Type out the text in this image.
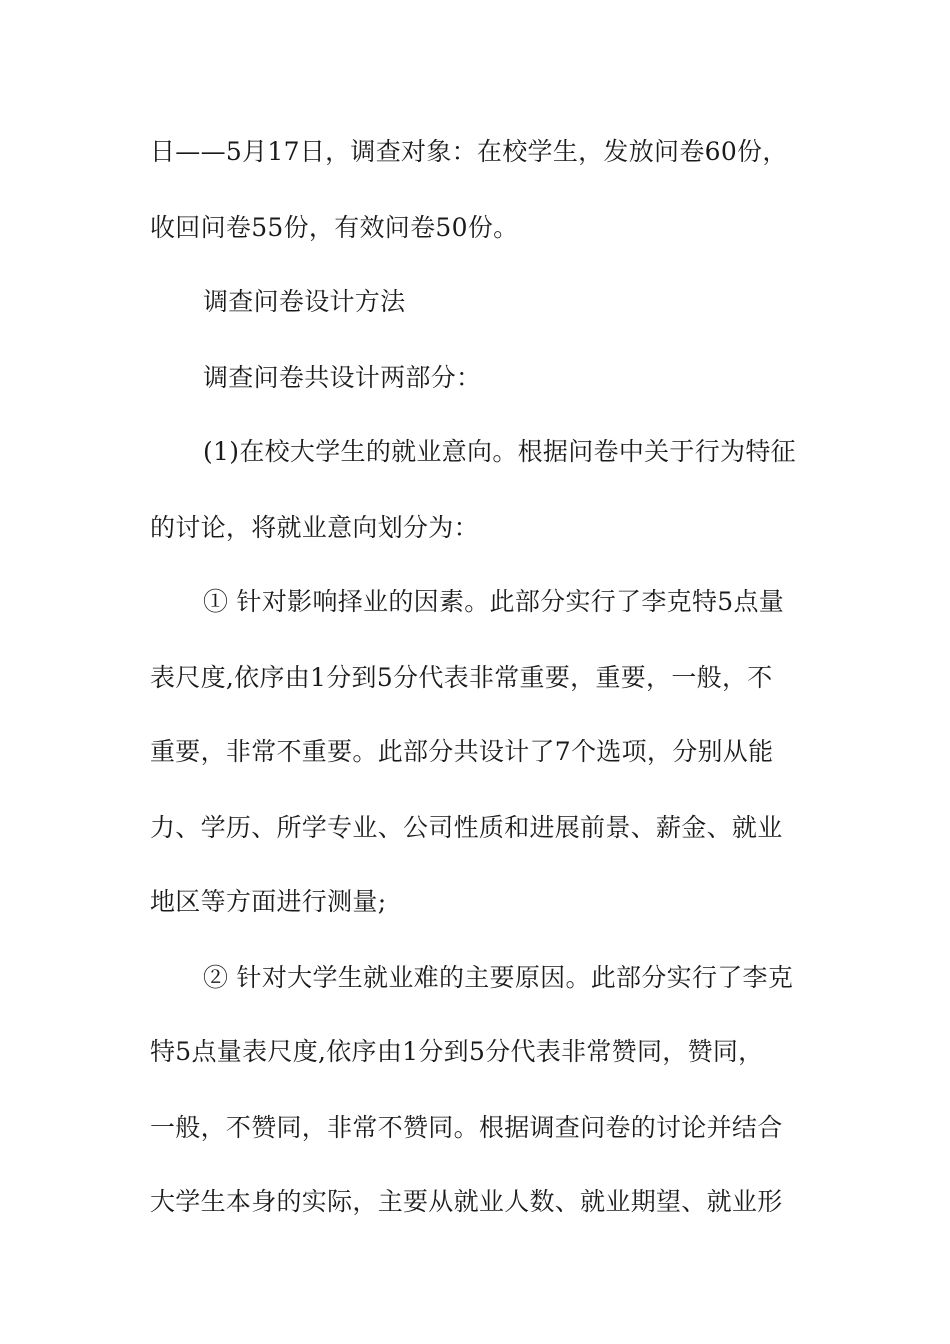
日——5月17日，调查对象：在校学生，发放问卷60份，
收回问卷55份，有效问卷50份。
调查问卷设计方法
调查问卷共设计两部分：
(1)在校大学生的就业意向。根据问卷中关于行为特征
的讨论，将就业意向划分为：
① 针对影响择业的因素。此部分实行了李克特5点量
表尺度,依序由1分到5分代表非常重要，重要，一般，不
重要，非常不重要。此部分共设计了7个选项，分别从能
力、学历、所学专业、公司性质和进展前景、薪金、就业
地区等方面进行测量;
② 针对大学生就业难的主要原因。此部分实行了李克
特5点量表尺度,依序由1分到5分代表非常赞同，赞同，
一般，不赞同，非常不赞同。根据调查问卷的讨论并结合
大学生本身的实际，主要从就业人数、就业期望、就业形
